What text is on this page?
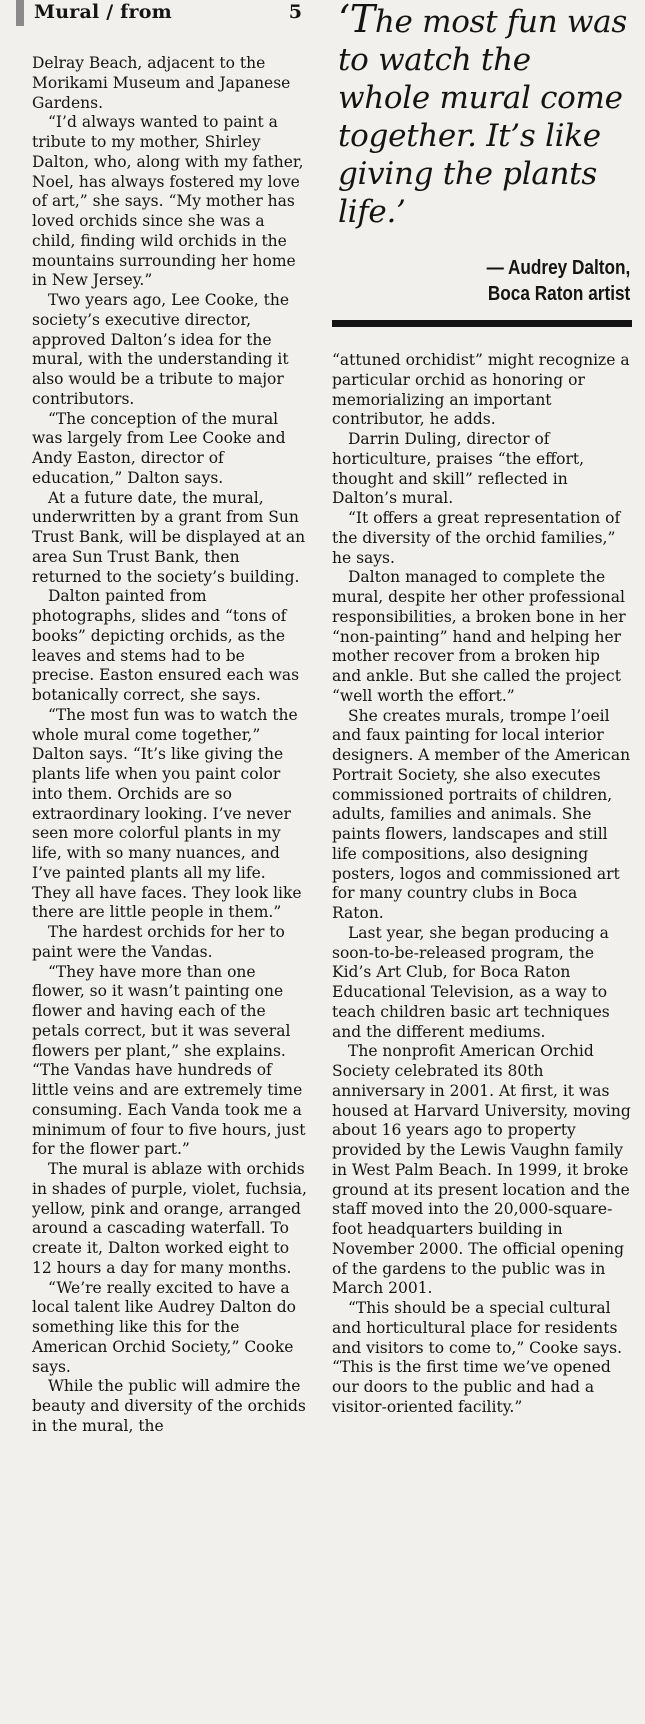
Mural / from	5

Delray Beach, adjacent to the Morikami Museum and Japanese Gardens.

“I’d always wanted to paint a tribute to my mother, Shirley Dalton, who, along with my father, Noel, has always fostered my love of art,” she says. “My mother has loved orchids since she was a child, finding wild orchids in the mountains surrounding her home in New Jersey.”

Two years ago, Lee Cooke, the society’s executive director, approved Dalton’s idea for the mural, with the understanding it also would be a tribute to major contributors.

“The conception of the mural was largely from Lee Cooke and Andy Easton, director of education,” Dalton says.

At a future date, the mural, underwritten by a grant from Sun Trust Bank, will be displayed at an area Sun Trust Bank, then returned to the society’s building.

Dalton painted from photographs, slides and “tons of books” depicting orchids, as the leaves and stems had to be precise. Easton ensured each was botanically correct, she says.

“The most fun was to watch the whole mural come together,” Dalton says. “It’s like giving the plants life when you paint color into them. Orchids are so extraordinary looking. I’ve never seen more colorful plants in my life, with so many nuances, and I’ve painted plants all my life. They all have faces. They look like there are little people in them.”

The hardest orchids for her to paint were the Vandas.

“They have more than one flower, so it wasn’t painting one flower and having each of the petals correct, but it was several flowers per plant,” she explains. “The Vandas have hundreds of little veins and are extremely time consuming. Each Vanda took me a minimum of four to five hours, just for the flower part.”

The mural is ablaze with orchids in shades of purple, violet, fuchsia, yellow, pink and orange, arranged around a cascading waterfall. To create it, Dalton worked eight to 12 hours a day for many months.

“We’re really excited to have a local talent like Audrey Dalton do something like this for the American Orchid Society,” Cooke says.

While the public will admire the beauty and diversity of the orchids in the mural, the

‘The most fun was to watch the whole mural come together. It’s like giving the plants life.’

— Audrey Dalton,
Boca Raton artist

“attuned orchidist” might recognize a particular orchid as honoring or memorializing an important contributor, he adds.

Darrin Duling, director of horticulture, praises “the effort, thought and skill” reflected in Dalton’s mural.

“It offers a great representation of the diversity of the orchid families,” he says.

Dalton managed to complete the mural, despite her other professional responsibilities, a broken bone in her “non-painting” hand and helping her mother recover from a broken hip and ankle. But she called the project “well worth the effort.”

She creates murals, trompe l’oeil and faux painting for local interior designers. A member of the American Portrait Society, she also executes commissioned portraits of children, adults, families and animals. She paints flowers, landscapes and still life compositions, also designing posters, logos and commissioned art for many country clubs in Boca Raton.

Last year, she began producing a soon-to-be-released program, the Kid’s Art Club, for Boca Raton Educational Television, as a way to teach children basic art techniques and the different mediums.

The nonprofit American Orchid Society celebrated its 80th anniversary in 2001. At first, it was housed at Harvard University, moving about 16 years ago to property provided by the Lewis Vaughn family in West Palm Beach. In 1999, it broke ground at its present location and the staff moved into the 20,000-square-foot headquarters building in November 2000. The official opening of the gardens to the public was in March 2001.

“This should be a special cultural and horticultural place for residents and visitors to come to,” Cooke says. “This is the first time we’ve opened our doors to the public and had a visitor-oriented facility.”
